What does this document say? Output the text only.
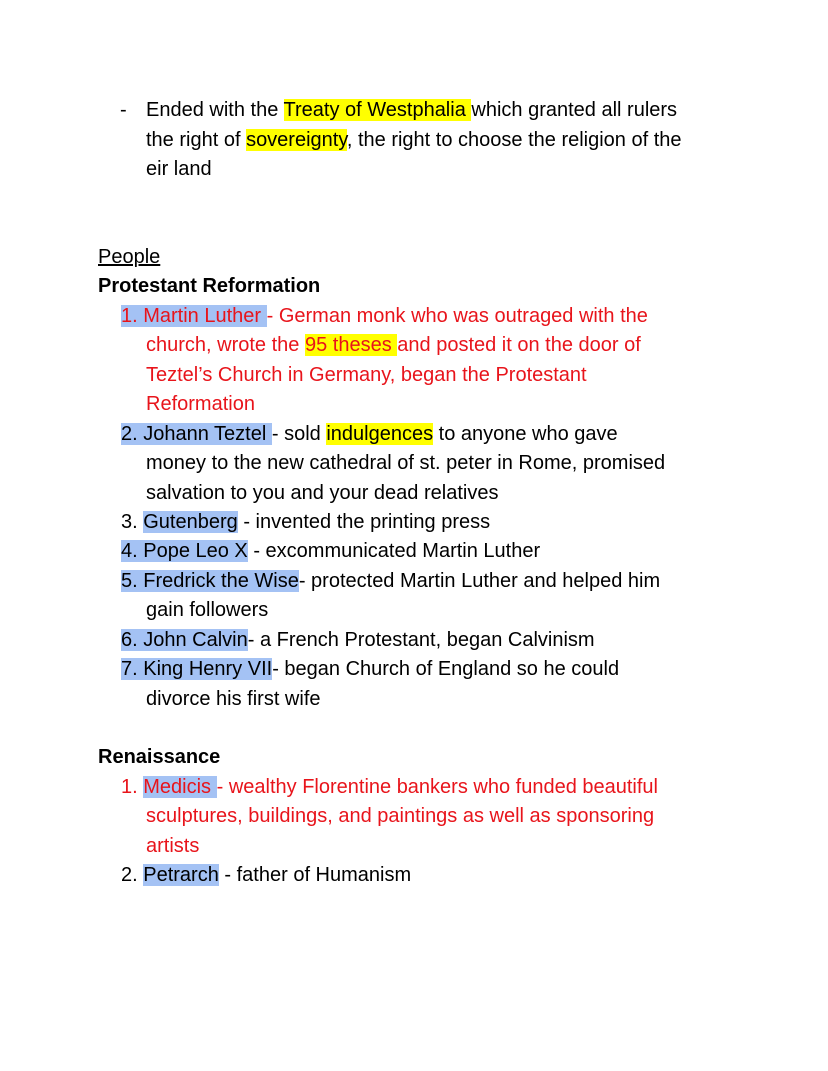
- Ended with the Treaty of Westphalia which granted all rulers
the right of sovereignty, the right to choose the religion of the
eir land
People
Protestant Reformation
1. Martin Luther - German monk who was outraged with the
church, wrote the 95 theses and posted it on the door of
Teztel’s Church in Germany, began the Protestant
Reformation
2. Johann Teztel - sold indulgences to anyone who gave
money to the new cathedral of st. peter in Rome, promised
salvation to you and your dead relatives
3. Gutenberg - invented the printing press
4. Pope Leo X - excommunicated Martin Luther
5. Fredrick the Wise- protected Martin Luther and helped him
gain followers
6. John Calvin- a French Protestant, began Calvinism
7. King Henry VII- began Church of England so he could
divorce his first wife
Renaissance
1. Medicis - wealthy Florentine bankers who funded beautiful
sculptures, buildings, and paintings as well as sponsoring
artists
2. Petrarch - father of Humanism
